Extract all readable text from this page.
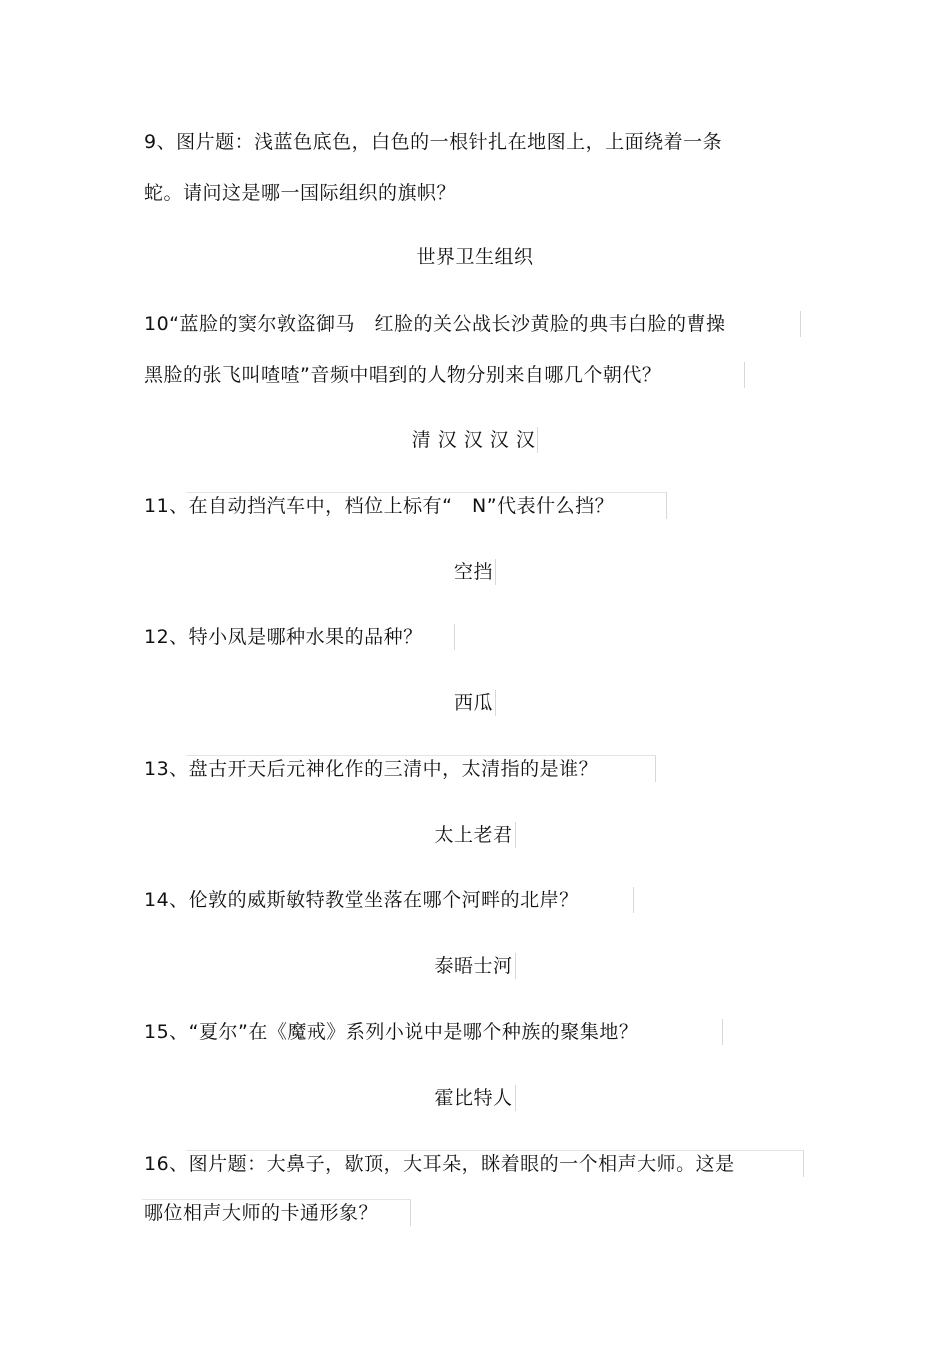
9、图片题：浅蓝色底色，白色的一根针扎在地图上，上面绕着一条
蛇。请问这是哪一国际组织的旗帜？
世界卫生组织
10“蓝脸的窦尔敦盗御马　红脸的关公战长沙黄脸的典韦白脸的曹操
黑脸的张飞叫喳喳”音频中唱到的人物分别来自哪几个朝代？
清 汉 汉 汉 汉
11、在自动挡汽车中，档位上标有“　N”代表什么挡？
空挡
12、特小凤是哪种水果的品种？
西瓜
13、盘古开天后元神化作的三清中，太清指的是谁？
太上老君
14、伦敦的威斯敏特教堂坐落在哪个河畔的北岸？
泰晤士河
15、“夏尔”在《魔戒》系列小说中是哪个种族的聚集地？
霍比特人
16、图片题：大鼻子，歇顶，大耳朵，眯着眼的一个相声大师。这是
哪位相声大师的卡通形象？
